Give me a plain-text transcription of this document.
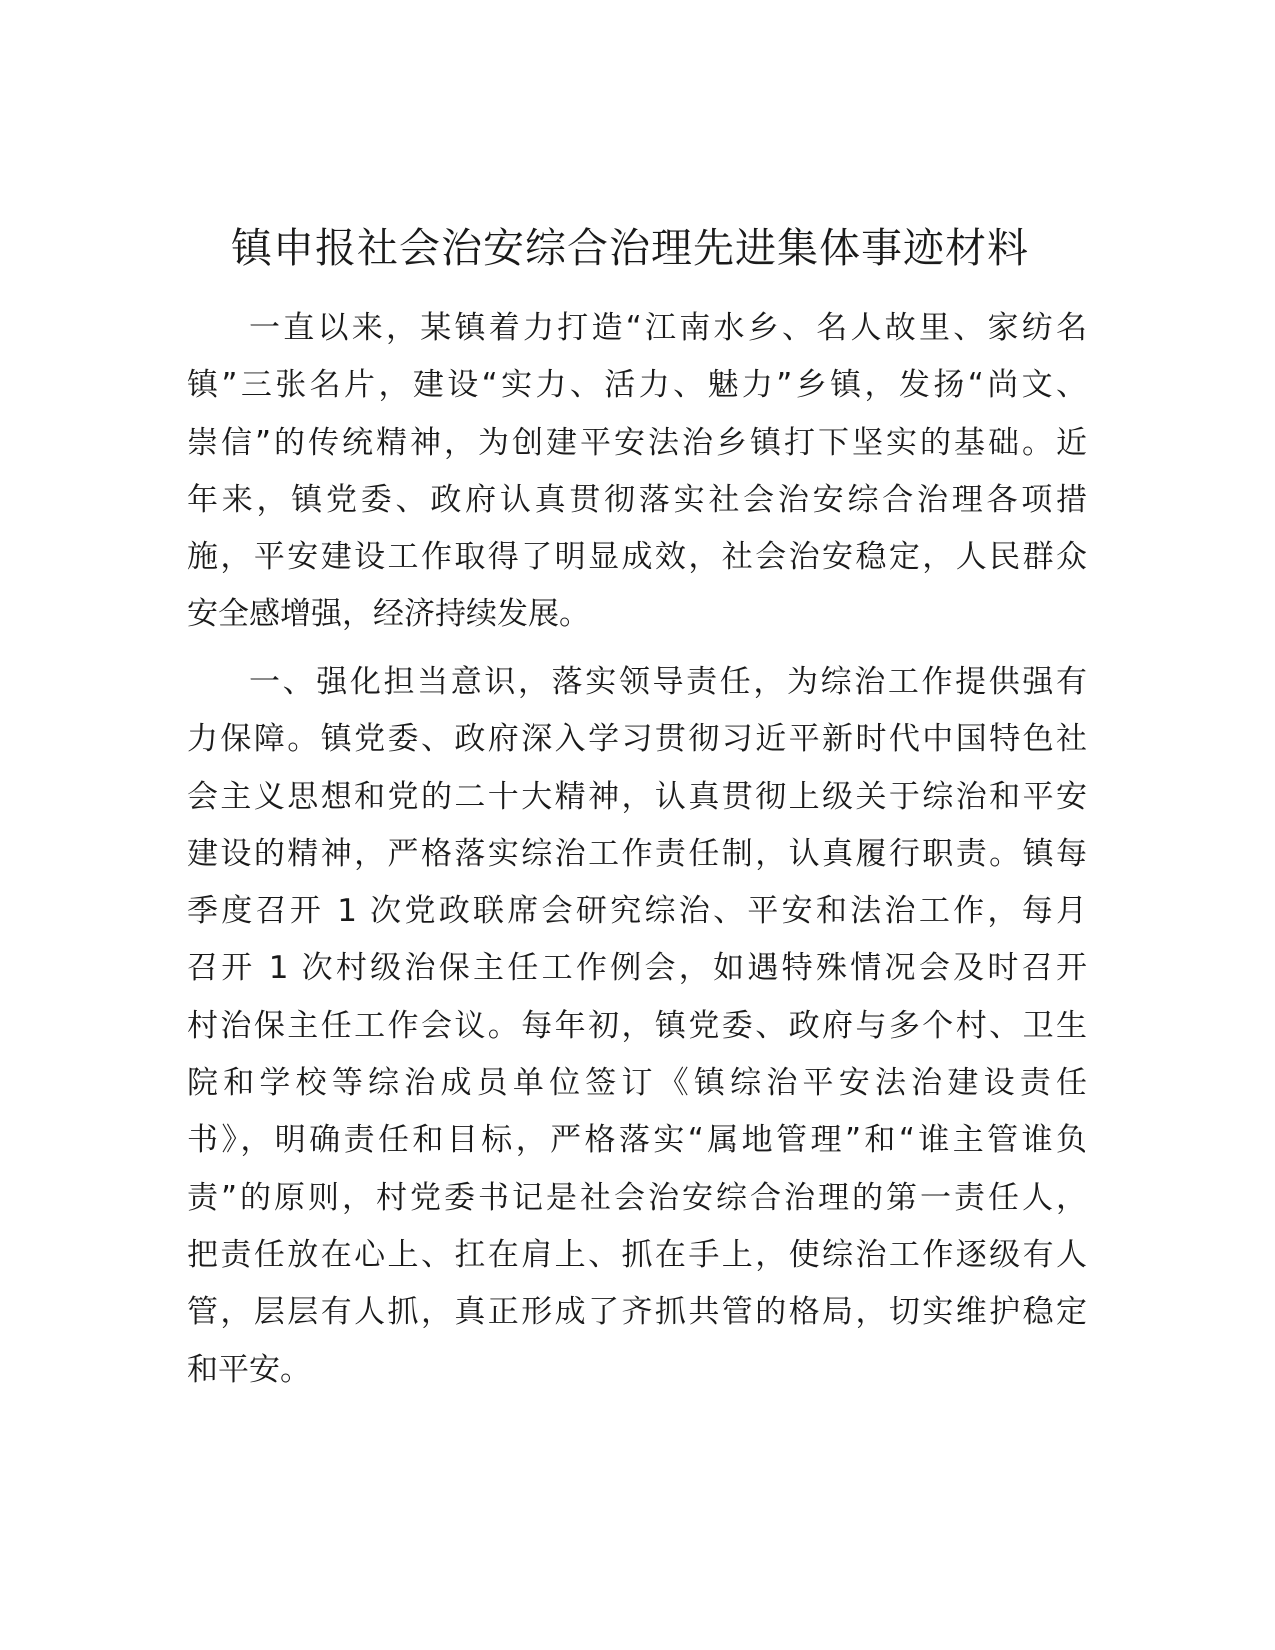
镇申报社会治安综合治理先进集体事迹材料
一直以来，某镇着力打造“江南水乡、名人故里、家纺名
镇”三张名片，建设“实力、活力、魅力”乡镇，发扬“尚文、
崇信”的传统精神，为创建平安法治乡镇打下坚实的基础。近
年来，镇党委、政府认真贯彻落实社会治安综合治理各项措
施，平安建设工作取得了明显成效，社会治安稳定，人民群众
安全感增强，经济持续发展。
一、强化担当意识，落实领导责任，为综治工作提供强有
力保障。镇党委、政府深入学习贯彻习近平新时代中国特色社
会主义思想和党的二十大精神，认真贯彻上级关于综治和平安
建设的精神，严格落实综治工作责任制，认真履行职责。镇每
季度召开 1 次党政联席会研究综治、平安和法治工作，每月
召开 1 次村级治保主任工作例会，如遇特殊情况会及时召开
村治保主任工作会议。每年初，镇党委、政府与多个村、卫生
院和学校等综治成员单位签订《镇综治平安法治建设责任
书》，明确责任和目标，严格落实“属地管理”和“谁主管谁负
责”的原则，村党委书记是社会治安综合治理的第一责任人，
把责任放在心上、扛在肩上、抓在手上，使综治工作逐级有人
管，层层有人抓，真正形成了齐抓共管的格局，切实维护稳定
和平安。
